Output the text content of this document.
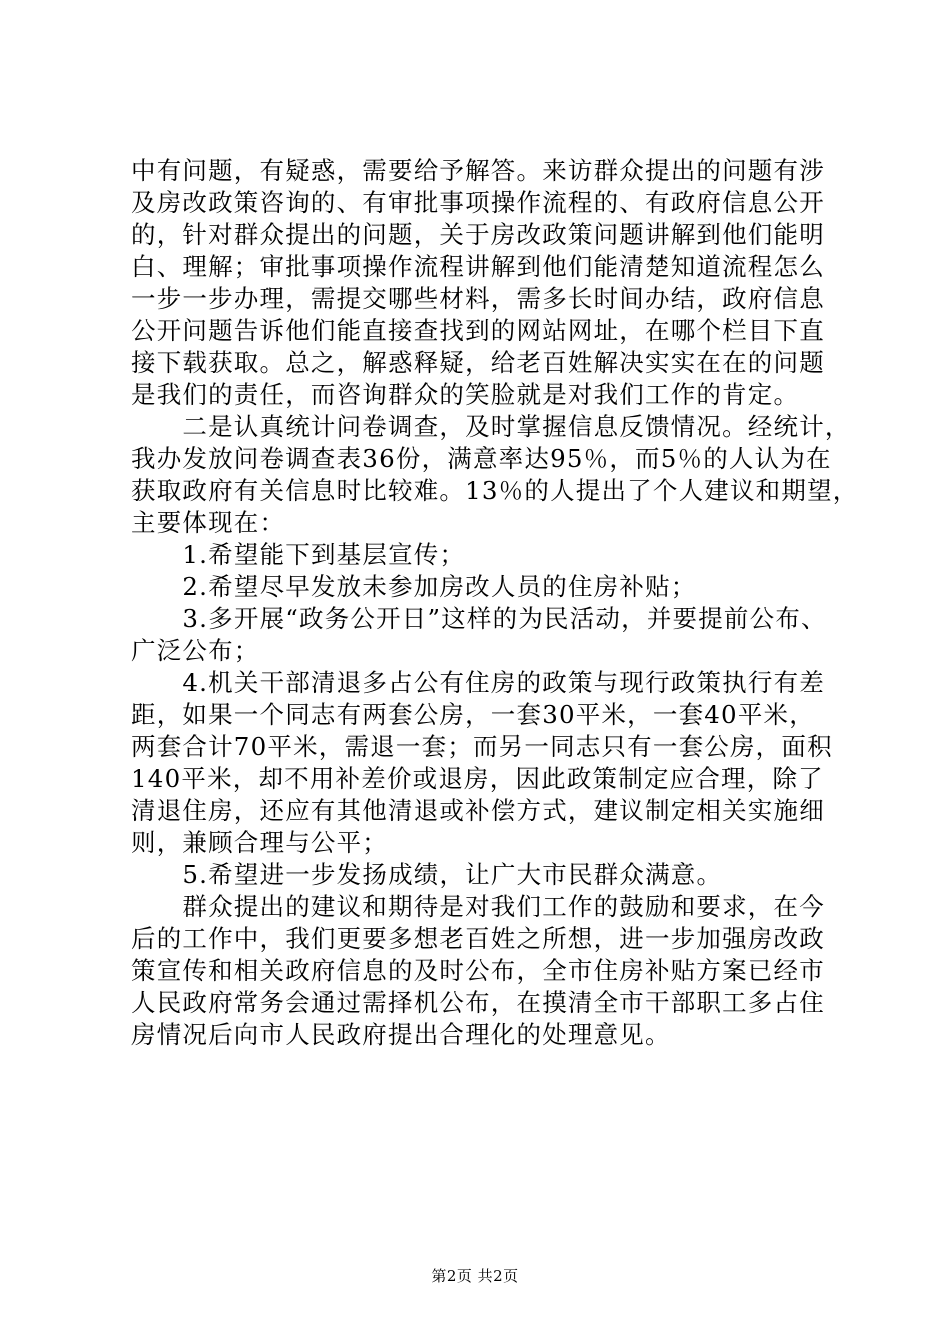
中有问题，有疑惑，需要给予解答。来访群众提出的问题有涉
及房改政策咨询的、有审批事项操作流程的、有政府信息公开
的，针对群众提出的问题，关于房改政策问题讲解到他们能明
白、理解；审批事项操作流程讲解到他们能清楚知道流程怎么
一步一步办理，需提交哪些材料，需多长时间办结，政府信息
公开问题告诉他们能直接查找到的网站网址，在哪个栏目下直
接下载获取。总之，解惑释疑，给老百姓解决实实在在的问题
是我们的责任，而咨询群众的笑脸就是对我们工作的肯定。
　　二是认真统计问卷调查，及时掌握信息反馈情况。经统计，
我办发放问卷调查表36份，满意率达95％，而5％的人认为在
获取政府有关信息时比较难。13％的人提出了个人建议和期望，
主要体现在：
　　1.希望能下到基层宣传；
　　2.希望尽早发放未参加房改人员的住房补贴；
　　3.多开展“政务公开日”这样的为民活动，并要提前公布、
广泛公布；
　　4.机关干部清退多占公有住房的政策与现行政策执行有差
距，如果一个同志有两套公房，一套30平米，一套40平米，
两套合计70平米，需退一套；而另一同志只有一套公房，面积
140平米，却不用补差价或退房，因此政策制定应合理，除了
清退住房，还应有其他清退或补偿方式，建议制定相关实施细
则，兼顾合理与公平；
　　5.希望进一步发扬成绩，让广大市民群众满意。
　　群众提出的建议和期待是对我们工作的鼓励和要求，在今
后的工作中，我们更要多想老百姓之所想，进一步加强房改政
策宣传和相关政府信息的及时公布，全市住房补贴方案已经市
人民政府常务会通过需择机公布，在摸清全市干部职工多占住
房情况后向市人民政府提出合理化的处理意见。
第2页 共2页
